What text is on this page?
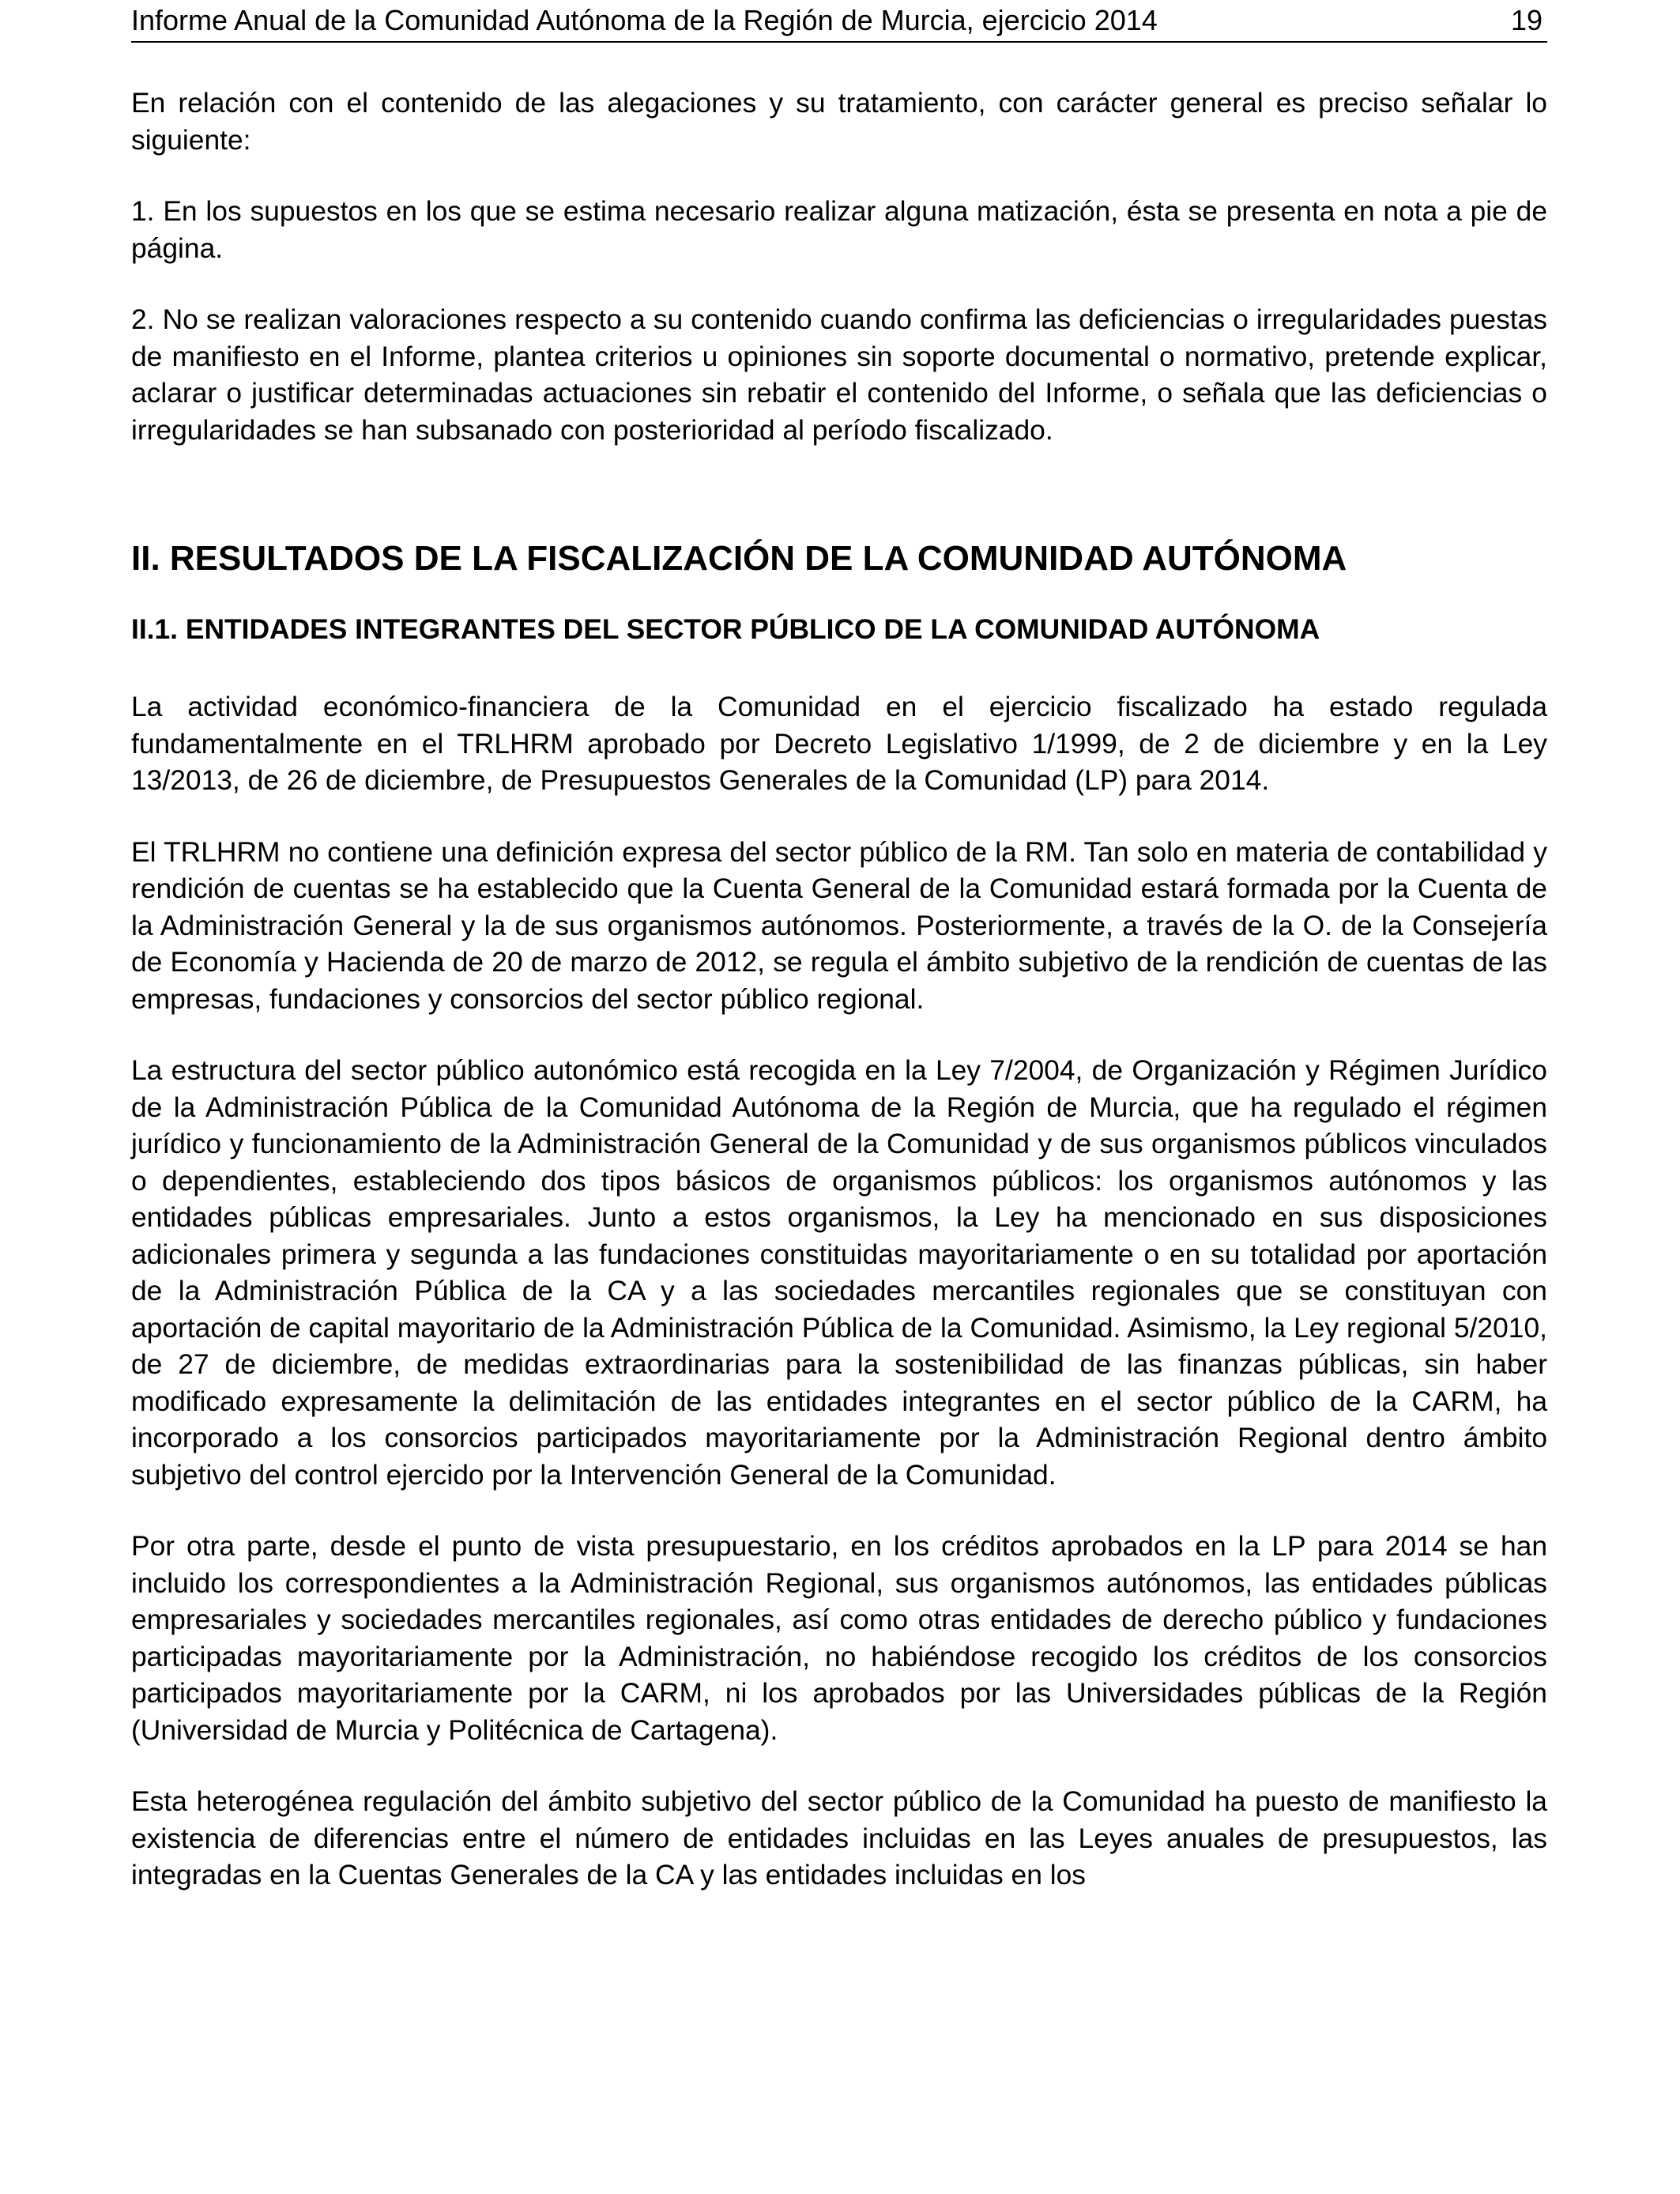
Informe Anual de la Comunidad Autónoma de la Región de Murcia, ejercicio 2014	19

En relación con el contenido de las alegaciones y su tratamiento, con carácter general es preciso señalar lo siguiente:

1. En los supuestos en los que se estima necesario realizar alguna matización, ésta se presenta en nota a pie de página.

2. No se realizan valoraciones respecto a su contenido cuando confirma las deficiencias o irregularidades puestas de manifiesto en el Informe, plantea criterios u opiniones sin soporte documental o normativo, pretende explicar, aclarar o justificar determinadas actuaciones sin rebatir el contenido del Informe, o señala que las deficiencias o irregularidades se han subsanado con posterioridad al período fiscalizado.

II. RESULTADOS DE LA FISCALIZACIÓN DE LA COMUNIDAD AUTÓNOMA
II.1. ENTIDADES INTEGRANTES DEL SECTOR PÚBLICO DE LA COMUNIDAD AUTÓNOMA

La actividad económico-financiera de la Comunidad en el ejercicio fiscalizado ha estado regulada fundamentalmente en el TRLHRM aprobado por Decreto Legislativo 1/1999, de 2 de diciembre y en la Ley 13/2013, de 26 de diciembre, de Presupuestos Generales de la Comunidad (LP) para 2014.

El TRLHRM no contiene una definición expresa del sector público de la RM. Tan solo en materia de contabilidad y rendición de cuentas se ha establecido que la Cuenta General de la Comunidad estará formada por la Cuenta de la Administración General y la de sus organismos autónomos. Posteriormente, a través de la O. de la Consejería de Economía y Hacienda de 20 de marzo de 2012, se regula el ámbito subjetivo de la rendición de cuentas de las empresas, fundaciones y consorcios del sector público regional.

La estructura del sector público autonómico está recogida en la Ley 7/2004, de Organización y Régimen Jurídico de la Administración Pública de la Comunidad Autónoma de la Región de Murcia, que ha regulado el régimen jurídico y funcionamiento de la Administración General de la Comunidad y de sus organismos públicos vinculados o dependientes, estableciendo dos tipos básicos de organismos públicos: los organismos autónomos y las entidades públicas empresariales. Junto a estos organismos, la Ley ha mencionado en sus disposiciones adicionales primera y segunda a las fundaciones constituidas mayoritariamente o en su totalidad por aportación de la Administración Pública de la CA y a las sociedades mercantiles regionales que se constituyan con aportación de capital mayoritario de la Administración Pública de la Comunidad. Asimismo, la Ley regional 5/2010, de 27 de diciembre, de medidas extraordinarias para la sostenibilidad de las finanzas públicas, sin haber modificado expresamente la delimitación de las entidades integrantes en el sector público de la CARM, ha incorporado a los consorcios participados mayoritariamente por la Administración Regional dentro ámbito subjetivo del control ejercido por la Intervención General de la Comunidad.

Por otra parte, desde el punto de vista presupuestario, en los créditos aprobados en la LP para 2014 se han incluido los correspondientes a la Administración Regional, sus organismos autónomos, las entidades públicas empresariales y sociedades mercantiles regionales, así como otras entidades de derecho público y fundaciones participadas mayoritariamente por la Administración, no habiéndose recogido los créditos de los consorcios participados mayoritariamente por la CARM, ni los aprobados por las Universidades públicas de la Región (Universidad de Murcia y Politécnica de Cartagena).

Esta heterogénea regulación del ámbito subjetivo del sector público de la Comunidad ha puesto de manifiesto la existencia de diferencias entre el número de entidades incluidas en las Leyes anuales de presupuestos, las integradas en la Cuentas Generales de la CA y las entidades incluidas en los
